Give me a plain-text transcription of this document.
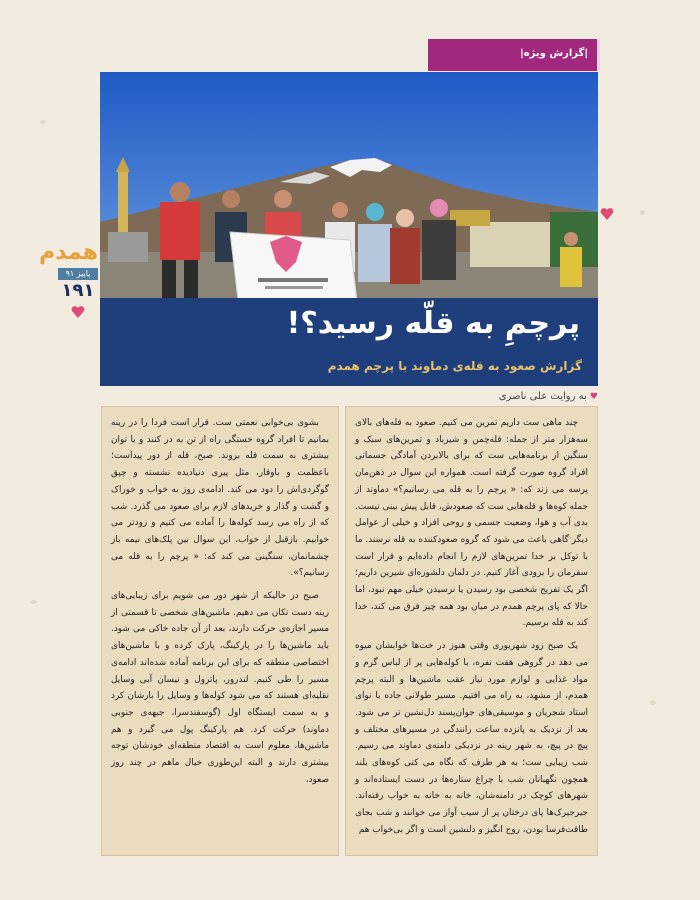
|گزارش ویژه|
همدم
پاییز ۹۱
۱۹۱
پرچمِ به قلّه رسید؟!
گزارش صعود به قله‌ی دماوند با پرچم همدم
♥ به روایت علی ناصری

چند ماهی ست داریم تمرین می کنیم. صعود به قله‌های بالای سه‌هزار متر از جمله: قله‌چمن و شیرباد و تمرین‌های سبک و سنگین از برنامه‌هایی ست که برای بالابردن آمادگی جسمانی افراد گروه صورت گرفته است. همواره این سوال در ذهن‌مان پرسه می زند که: « پرچم را به قله می رسانیم؟» دماوند از جمله کوه‌ها و قله‌هایی ست که صعودش، قابل پیش بینی نیست. بدی آب و هوا، وضعیت جسمی و روحی افراد و خیلی از عوامل دیگر گاهی باعث می شود که گروه صعودکننده به قله نرسند. ما با توکل بر خدا تمرین‌های لازم را انجام داده‌ایم و قرار است سفرمان را بزودی آغاز کنیم. در دلمان دلشوره‌ای شیرین داریم؛ اگر یک تفریح شخصی بود رسیدن یا نرسیدن خیلی مهم نبود، اما حالا که پای پرچم همدم در میان بود همه چیز فرق می کند، خدا کند به قله برسیم.

یک صبح زود شهریوری وقتی هنوز در خت‌ها خوابشان میوه می دهد در گروهی هفت نفره، با کوله‌هایی پر از لباس گرم و مواد غذایی و لوازم مورد نیاز عقب ماشین‌ها و البته پرچم همدم، از مشهد، به راه می افتیم. مسیر طولانی جاده با نوای استاد شجریان و موسیقی‌های جوان‌پسند دل‌نشین تر می شود. بعد از نزدیک به پانزده ساعت رانندگی در مسیرهای مختلف و پیچ در پیچ، به شهر رینه در نزدیکی دامنه‌ی دماوند می رسیم. شب زیبایی ست؛ به هر طرف که نگاه می کنی کوه‌های بلند همچون نگهبانان شب با چراغ ستاره‌ها در دست ایستاده‌اند و شهرهای کوچک در دامنه‌شان، خانه به خانه به خواب رفته‌اند. جیرجیرک‌ها پای درختان پر از سیب آواز می خوانند و شب بجای طاقت‌فرسا بودن، روح انگیز و دلنشین است و اگر بی‌خواب هم

بشوی بی‌خوابی نعمتی ست. قرار است فردا را در رینه بمانیم تا افراد گروه خستگی راه از تن به در کنند و با توان بیشتری به سمت قله بروند. صبح، قله از دور پیداست؛ باعظمت و باوقار، مثل پیری دنیادیده نشسته و چپق گوگردی‌اش را دود می کند. ادامه‌ی روز به خواب و خوراک و گشت و گذار و خریدهای لازم برای صعود می گذرد. شب که از راه می رسد کوله‌ها را آماده می کنیم و زودتر می خوابیم. بازقبل از خواب، این سوال بین پلک‌های نیمه باز چشمانمان، سنگینی می کند که: « پرچم را به قله می رسانیم؟».

صبح در حالیکه از شهر دور می شویم برای زیبایی‌های رینه دست تکان می دهیم. ماشین‌های شخصی تا قسمتی از مسیر اجازه‌ی حرکت دارند، بعد از آن جاده خاکی می شود. باید ماشین‌ها را در پارکینگ، پارک کرده و با ماشین‌های اختصاصی منطقه که برای این برنامه آماده شده‌اند ادامه‌ی مسیر را طی کنیم. لندرور، پاترول و نیسان آبی وسایل نقلیه‌ای هستند که می شود کوله‌ها و وسایل را بارشان کرد و به سمت ایستگاه اول (گوسفندسرا، جبهه‌ی جنوبی دماوند) حرکت کرد. هم پارکینگ پول می گیرد و هم ماشین‌ها، معلوم است به اقتصاد منطقه‌ای خودشان توجه بیشتری دارند و البته این‌طوری خیال ماهم در چند روز صعود،
